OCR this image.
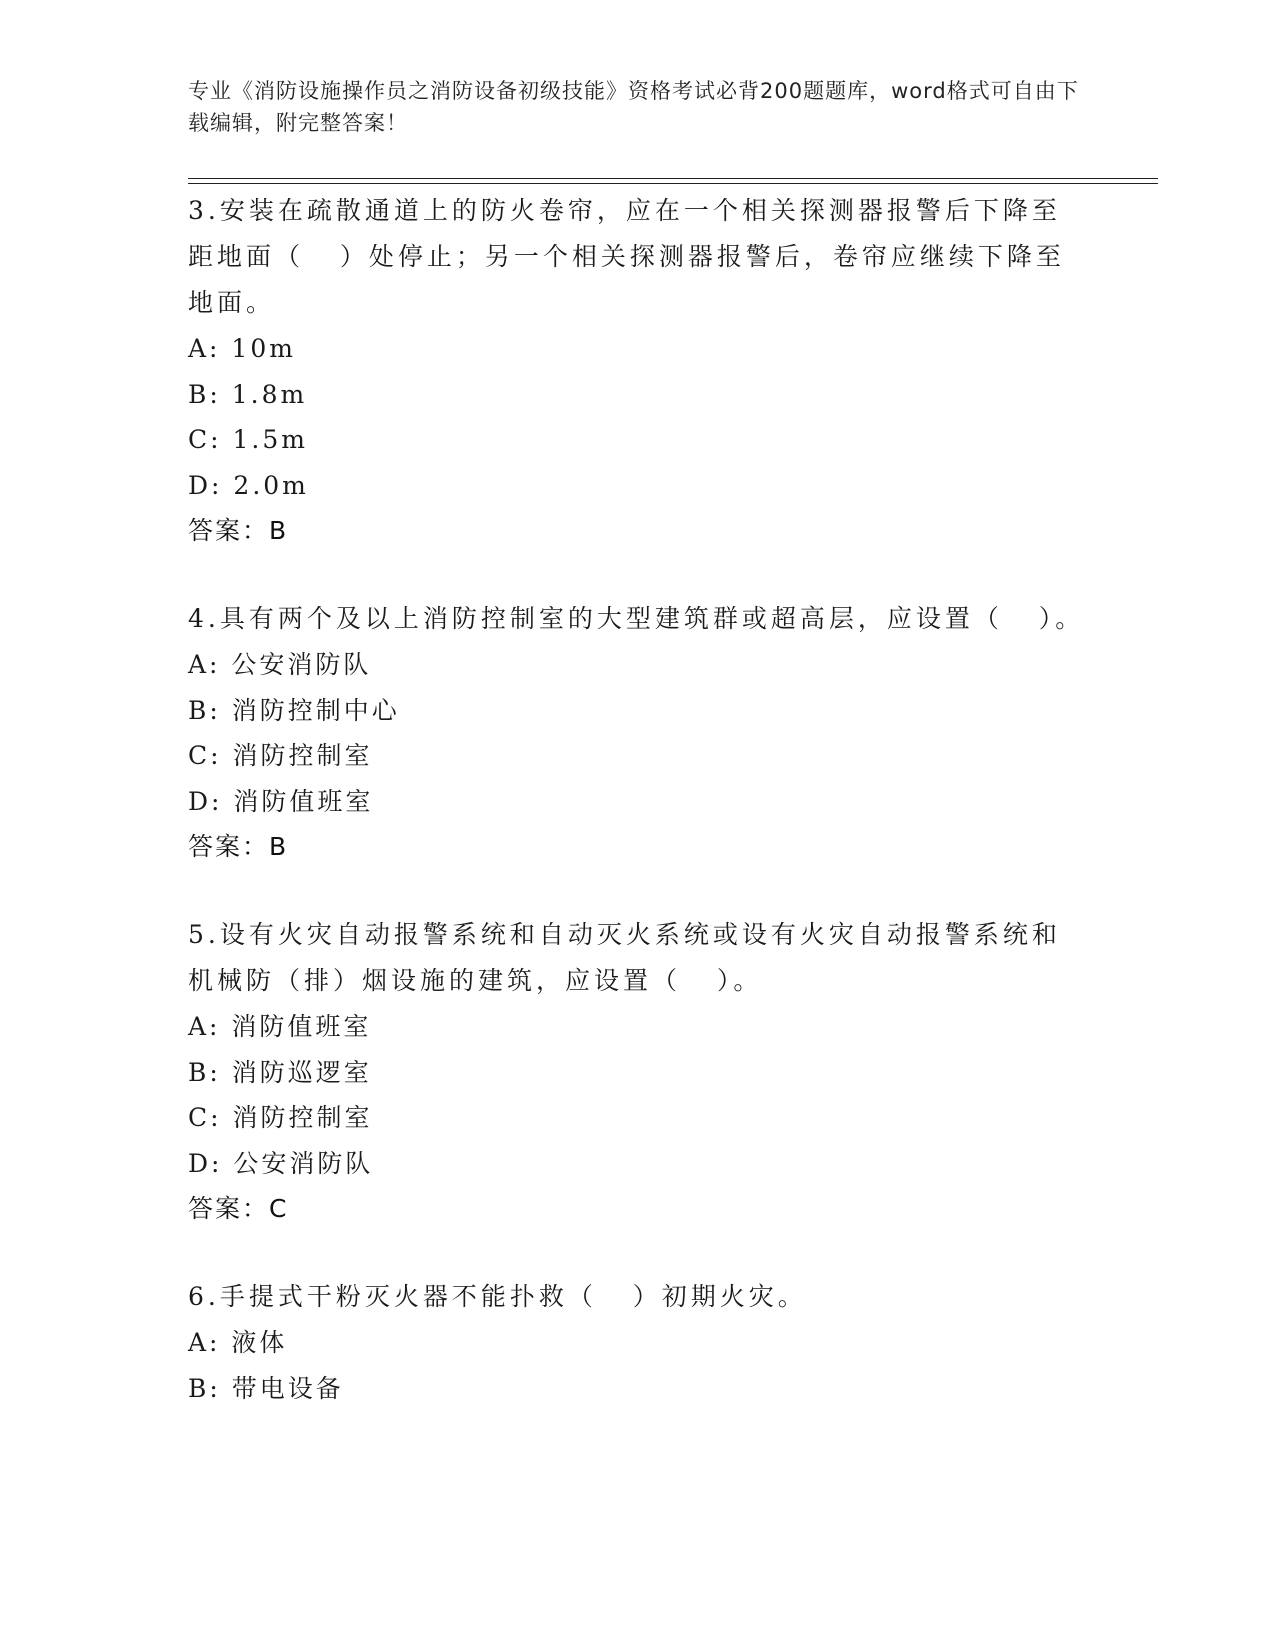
专业《消防设施操作员之消防设备初级技能》资格考试必背200题题库，word格式可自由下载编辑，附完整答案！
3.安装在疏散通道上的防火卷帘，应在一个相关探测器报警后下降至距地面（   ）处停止；另一个相关探测器报警后，卷帘应继续下降至地面。
A: 10m
B: 1.8m
C: 1.5m
D: 2.0m
答案：B
4.具有两个及以上消防控制室的大型建筑群或超高层，应设置（   ）。
A: 公安消防队
B: 消防控制中心
C: 消防控制室
D: 消防值班室
答案：B
5.设有火灾自动报警系统和自动灭火系统或设有火灾自动报警系统和机械防（排）烟设施的建筑，应设置（   ）。
A: 消防值班室
B: 消防巡逻室
C: 消防控制室
D: 公安消防队
答案：C
6.手提式干粉灭火器不能扑救（   ）初期火灾。
A: 液体
B: 带电设备
